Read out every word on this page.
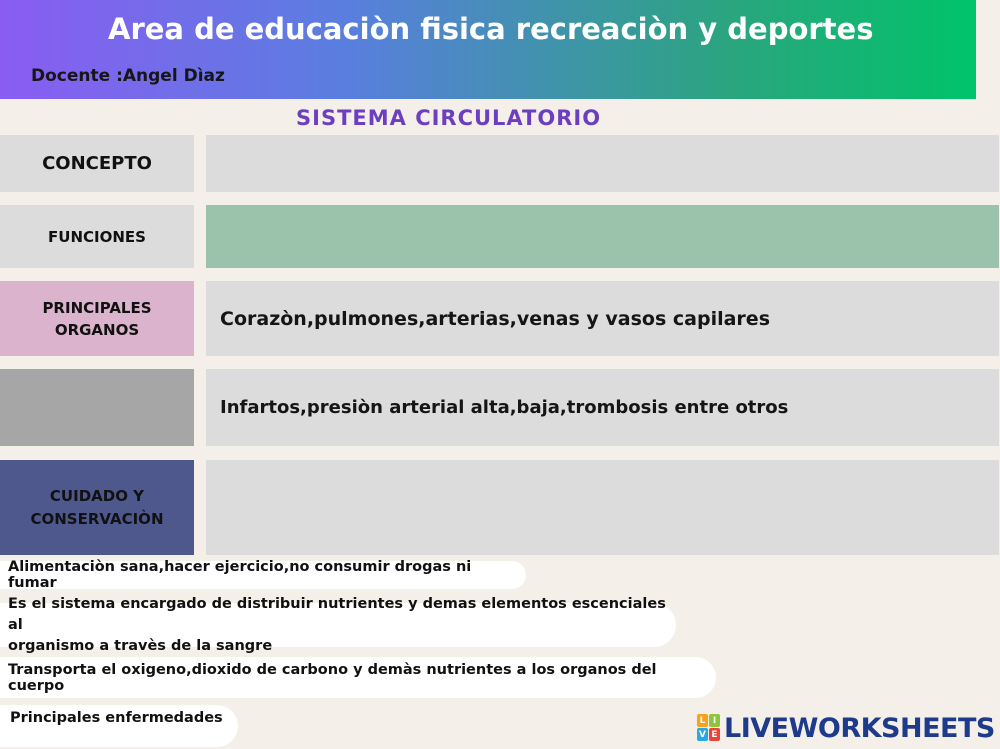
Area de educaciòn fisica recreaciòn y deportes
Docente :Angel Dìaz
SISTEMA CIRCULATORIO
CONCEPTO
FUNCIONES
PRINCIPALES
ORGANOS	Corazòn,pulmones,arterias,venas y vasos capilares
Infartos,presiòn arterial alta,baja,trombosis entre otros
CUIDADO Y
CONSERVACIÒN
Alimentaciòn sana,hacer ejercicio,no consumir drogas ni fumar
Es el sistema encargado de distribuir nutrientes y demas elementos escenciales al
organismo a travès de la sangre
Transporta el oxigeno,dioxido de carbono y demàs nutrientes a los organos del cuerpo
Principales enfermedades	L I
V E LIVEWORKSHEETS
